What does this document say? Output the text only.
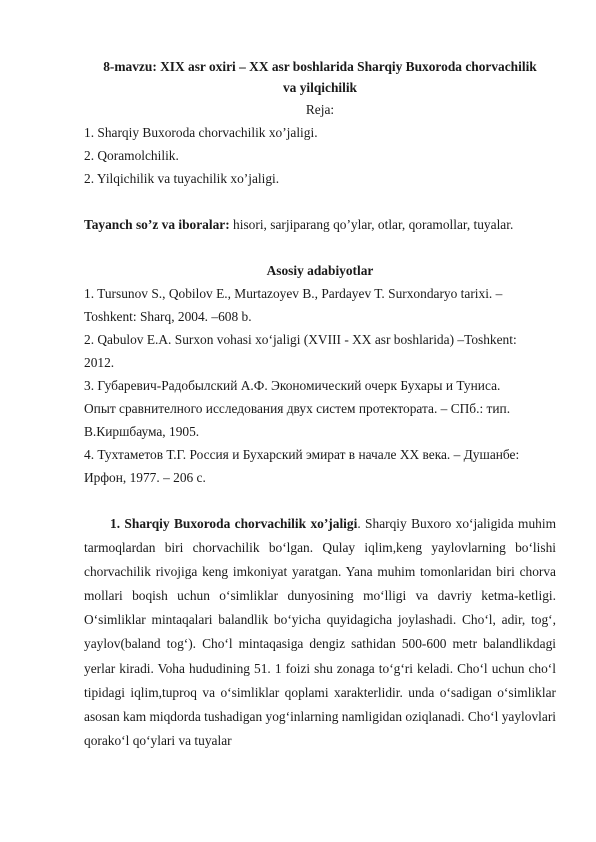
8-mavzu: XIX asr oxiri – XX asr boshlarida Sharqiy Buxoroda chorvachilik
va yilqichilik

Reja:
1. Sharqiy Buxoroda chorvachilik xo’jaligi.
2. Qoramolchilik.
2. Yilqichilik va tuyachilik xo’jaligi.
Tayanch so’z va iboralar: hisori, sarjiparang qo’ylar, otlar, qoramollar, tuyalar.
Asosiy adabiyotlar
1. Tursunov S., Qobilov E., Murtazoyev B., Pardayev T. Surxondaryo tarixi. –
Toshkent: Sharq, 2004. –608 b.
2. Qabulov E.A. Surxon vohasi xo‘jaligi (XVIII - XX asr boshlarida) –Toshkent:
2012.
3. Губаревич-Радобылский А.Ф. Экономический очерк Бухары и Туниса.
Опыт сравнителного исследования двух систем протектората. – СПб.: тип.
В.Киршбаума, 1905.
4. Тухтаметов Т.Г. Россия и Бухарский эмират в начале XX века. – Душанбе:
Ирфон, 1977. – 206 с.

1. Sharqiy Buxoroda chorvachilik xo’jaligi. Sharqiy Buxoro xo‘jaligida muhim tarmoqlardan biri chorvachilik bo‘lgan. Qulay iqlim,keng yaylovlarning bo‘lishi chorvachilik rivojiga keng imkoniyat yaratgan. Yana muhim tomonlaridan biri chorva mollari boqish uchun o‘simliklar dunyosining mo‘lligi va davriy ketma-ketligi. O‘simliklar mintaqalari balandlik bo‘yicha quyidagicha joylashadi. Cho‘l, adir, tog‘, yaylov(baland tog‘). Cho‘l mintaqasiga dengiz sathidan 500-600 metr balandlikdagi yerlar kiradi. Voha hududining 51. 1 foizi shu zonaga to‘g‘ri keladi. Cho‘l uchun cho‘l tipidagi iqlim,tuproq va o‘simliklar qoplami xarakterlidir. unda o‘sadigan o‘simliklar asosan kam miqdorda tushadigan yog‘inlarning namligidan oziqlanadi. Cho‘l yaylovlari qorako‘l qo‘ylari va tuyalar
